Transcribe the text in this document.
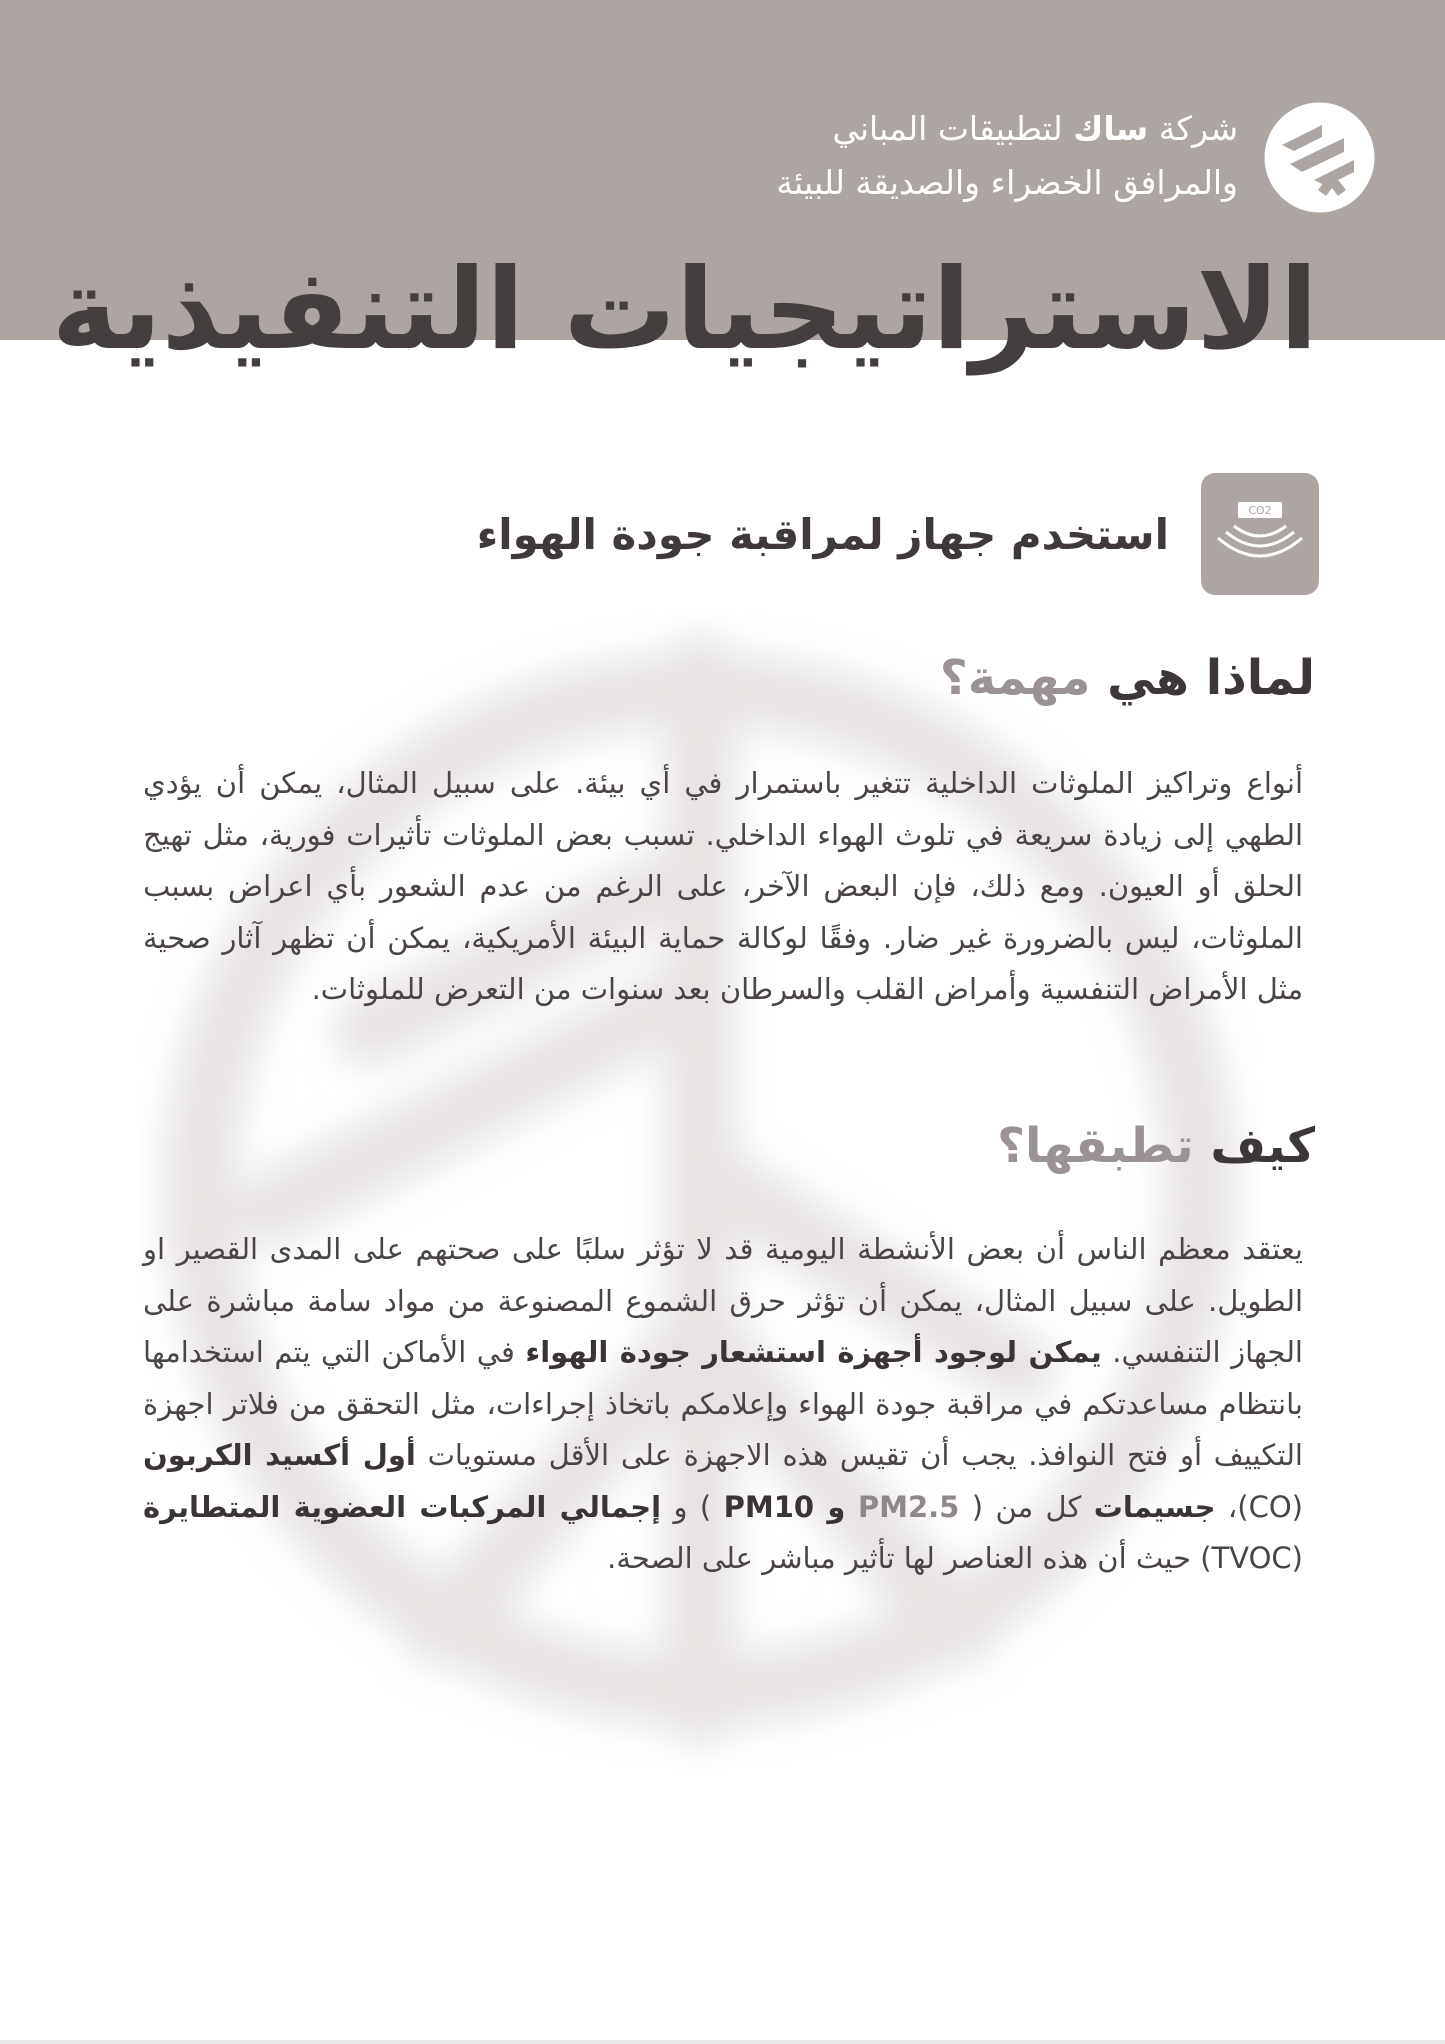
شركة ساك لتطبيقات المباني
والمرافق الخضراء والصديقة للبيئة
الاستراتيجيات التنفيذية
CO2
استخدم جهاز لمراقبة جودة الهواء
لماذا هي مهمة؟
أنواع وتراكيز الملوثات الداخلية تتغير باستمرار في أي بيئة. على سبيل المثال، يمكن أن يؤدي الطهي إلى زيادة سريعة في تلوث الهواء الداخلي. تسبب بعض الملوثات تأثيرات فورية، مثل تهيج الحلق أو العيون. ومع ذلك، فإن البعض الآخر، على الرغم من عدم الشعور بأي اعراض بسبب الملوثات، ليس بالضرورة غير ضار. وفقًا لوكالة حماية البيئة الأمريكية، يمكن أن تظهر آثار صحية مثل الأمراض التنفسية وأمراض القلب والسرطان بعد سنوات من التعرض للملوثات.
كيف تطبقها؟
يعتقد معظم الناس أن بعض الأنشطة اليومية قد لا تؤثر سلبًا على صحتهم على المدى القصير او الطويل. على سبيل المثال، يمكن أن تؤثر حرق الشموع المصنوعة من مواد سامة مباشرة على الجهاز التنفسي. يمكن لوجود أجهزة استشعار جودة الهواء في الأماكن التي يتم استخدامها بانتظام مساعدتكم في مراقبة جودة الهواء وإعلامكم باتخاذ إجراءات، مثل التحقق من فلاتر اجهزة التكييف أو فتح النوافذ. يجب أن تقيس هذه الاجهزة على الأقل مستويات أول أكسيد الكربون (CO)، جسيمات كل من ( PM2.5 و PM10 ) و إجمالي المركبات العضوية المتطايرة (TVOC) حيث أن هذه العناصر لها تأثير مباشر على الصحة.
